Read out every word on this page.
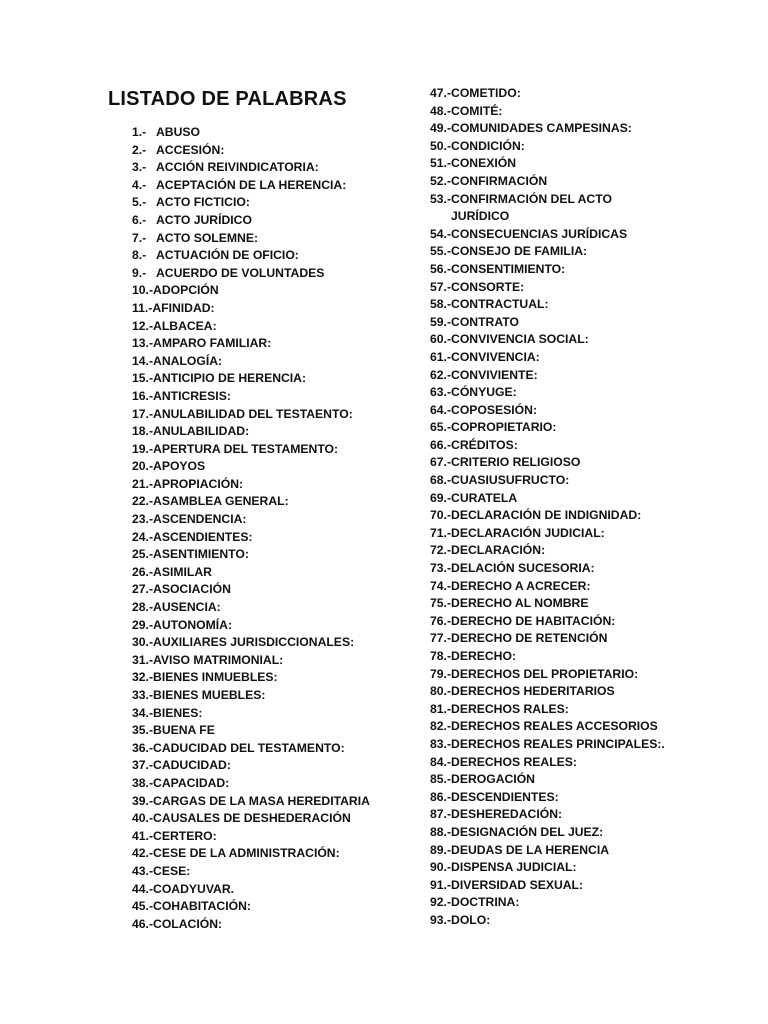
LISTADO DE PALABRAS
1.- ABUSO
2.- ACCESIÓN:
3.- ACCIÓN REIVINDICATORIA:
4.- ACEPTACIÓN DE LA HERENCIA:
5.- ACTO FICTICIO:
6.- ACTO JURÍDICO
7.- ACTO SOLEMNE:
8.- ACTUACIÓN DE OFICIO:
9.- ACUERDO DE VOLUNTADES
10.- ADOPCIÓN
11.- AFINIDAD:
12.- ALBACEA:
13.- AMPARO FAMILIAR:
14.- ANALOGÍA:
15.- ANTICIPIO DE HERENCIA:
16.- ANTICRESIS:
17.- ANULABILIDAD DEL TESTAENTO:
18.- ANULABILIDAD:
19.- APERTURA DEL TESTAMENTO:
20.- APOYOS
21.- APROPIACIÓN:
22.- ASAMBLEA GENERAL:
23.- ASCENDENCIA:
24.- ASCENDIENTES:
25.- ASENTIMIENTO:
26.- ASIMILAR
27.- ASOCIACIÓN
28.- AUSENCIA:
29.- AUTONOMÍA:
30.- AUXILIARES JURISDICCIONALES:
31.- AVISO MATRIMONIAL:
32.- BIENES INMUEBLES:
33.- BIENES MUEBLES:
34.- BIENES:
35.- BUENA FE
36.- CADUCIDAD DEL TESTAMENTO:
37.- CADUCIDAD:
38.- CAPACIDAD:
39.- CARGAS DE LA MASA HEREDITARIA
40.- CAUSALES DE DESHEDERACIÓN
41.- CERTERO:
42.- CESE DE LA ADMINISTRACIÓN:
43.- CESE:
44.- COADYUVAR.
45.- COHABITACIÓN:
46.- COLACIÓN:
47.- COMETIDO:
48.- COMITÉ:
49.- COMUNIDADES CAMPESINAS:
50.- CONDICIÓN:
51.- CONEXIÓN
52.- CONFIRMACIÓN
53.- CONFIRMACIÓN DEL ACTO JURÍDICO
54.- CONSECUENCIAS JURÍDICAS
55.- CONSEJO DE FAMILIA:
56.- CONSENTIMIENTO:
57.- CONSORTE:
58.- CONTRACTUAL:
59.- CONTRATO
60.- CONVIVENCIA SOCIAL:
61.- CONVIVENCIA:
62.- CONVIVIENTE:
63.- CÓNYUGE:
64.- COPOSESIÓN:
65.- COPROPIETARIO:
66.- CRÉDITOS:
67.- CRITERIO RELIGIOSO
68.- CUASIUSUFRUCTO:
69.- CURATELA
70.- DECLARACIÓN DE INDIGNIDAD:
71.- DECLARACIÓN JUDICIAL:
72.- DECLARACIÓN:
73.- DELACIÓN SUCESORIA:
74.- DERECHO A ACRECER:
75.- DERECHO AL NOMBRE
76.- DERECHO DE HABITACIÓN:
77.- DERECHO DE RETENCIÓN
78.- DERECHO:
79.- DERECHOS DEL PROPIETARIO:
80.- DERECHOS HEDERITARIOS
81.- DERECHOS RALES:
82.- DERECHOS REALES ACCESORIOS
83.- DERECHOS REALES PRINCIPALES:.
84.- DERECHOS REALES:
85.- DEROGACIÓN
86.- DESCENDIENTES:
87.- DESHEREDACIÓN:
88.- DESIGNACIÓN DEL JUEZ:
89.- DEUDAS DE LA HERENCIA
90.- DISPENSA JUDICIAL:
91.- DIVERSIDAD SEXUAL:
92.- DOCTRINA:
93.- DOLO:
